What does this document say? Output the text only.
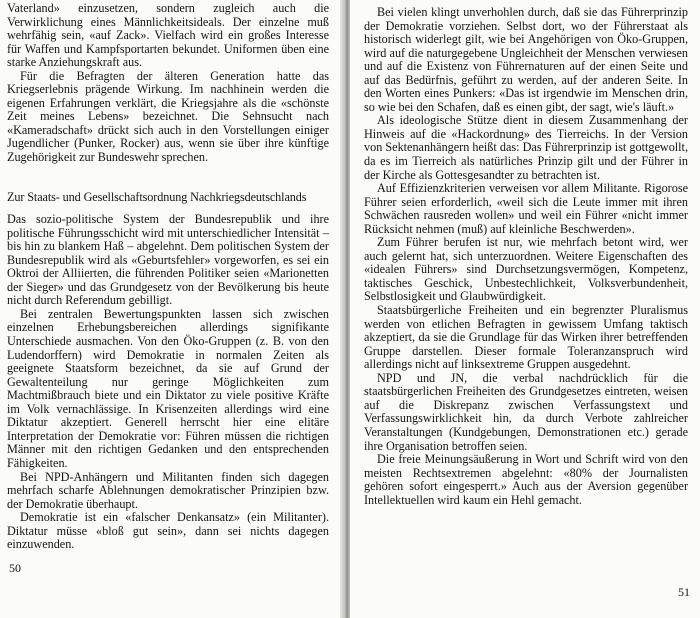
Vaterland» einzusetzen, sondern zugleich auch die Verwirklichung eines Männlichkeitsideals. Der einzelne muß wehrfähig sein, «auf Zack». Vielfach wird ein großes Interesse für Waffen und Kampfsportarten bekundet. Uniformen üben eine starke Anziehungskraft aus.

Für die Befragten der älteren Generation hatte das Kriegserlebnis prägende Wirkung. Im nachhinein werden die eigenen Erfahrungen verklärt, die Kriegsjahre als die «schönste Zeit meines Lebens» bezeichnet. Die Sehnsucht nach «Kameradschaft» drückt sich auch in den Vorstellungen einiger Jugendlicher (Punker, Rocker) aus, wenn sie über ihre künftige Zugehörigkeit zur Bundeswehr sprechen.

Zur Staats- und Gesellschaftsordnung Nachkriegsdeutschlands

Das sozio-politische System der Bundesrepublik und ihre politische Führungsschicht wird mit unterschiedlicher Intensität – bis hin zu blankem Haß – abgelehnt. Dem politischen System der Bundesrepublik wird als «Geburtsfehler» vorgeworfen, es sei ein Oktroi der Alliierten, die führenden Politiker seien «Marionetten der Sieger» und das Grundgesetz von der Bevölkerung bis heute nicht durch Referendum gebilligt.

Bei zentralen Bewertungspunkten lassen sich zwischen einzelnen Erhebungsbereichen allerdings signifikante Unterschiede ausmachen. Von den Öko-Gruppen (z. B. von den Ludendorffern) wird Demokratie in normalen Zeiten als geeignete Staatsform bezeichnet, da sie auf Grund der Gewaltenteilung nur geringe Möglichkeiten zum Machtmißbrauch biete und ein Diktator zu viele positive Kräfte im Volk vernachlässige. In Krisenzeiten allerdings wird eine Diktatur akzeptiert. Generell herrscht hier eine elitäre Interpretation der Demokratie vor: Führen müssen die richtigen Männer mit den richtigen Gedanken und den entsprechenden Fähigkeiten.

Bei NPD-Anhängern und Militanten finden sich dagegen mehrfach scharfe Ablehnungen demokratischer Prinzipien bzw. der Demokratie überhaupt.

Demokratie ist ein «falscher Denkansatz» (ein Militanter). Diktatur müsse «bloß gut sein», dann sei nichts dagegen einzuwenden.

50

Bei vielen klingt unverhohlen durch, daß sie das Führerprinzip der Demokratie vorziehen. Selbst dort, wo der Führerstaat als historisch widerlegt gilt, wie bei Angehörigen von Öko-Gruppen, wird auf die naturgegebene Ungleichheit der Menschen verwiesen und auf die Existenz von Führernaturen auf der einen Seite und auf das Bedürfnis, geführt zu werden, auf der anderen Seite. In den Worten eines Punkers: «Das ist irgendwie im Menschen drin, so wie bei den Schafen, daß es einen gibt, der sagt, wie's läuft.»

Als ideologische Stütze dient in diesem Zusammenhang der Hinweis auf die «Hackordnung» des Tierreichs. In der Version von Sektenanhängern heißt das: Das Führerprinzip ist gottgewollt, da es im Tierreich als natürliches Prinzip gilt und der Führer in der Kirche als Gottesgesandter zu betrachten ist.

Auf Effizienzkriterien verweisen vor allem Militante. Rigorose Führer seien erforderlich, «weil sich die Leute immer mit ihren Schwächen rausreden wollen» und weil ein Führer «nicht immer Rücksicht nehmen (muß) auf kleinliche Beschwerden».

Zum Führer berufen ist nur, wie mehrfach betont wird, wer auch gelernt hat, sich unterzuordnen. Weitere Eigenschaften des «idealen Führers» sind Durchsetzungsvermögen, Kompetenz, taktisches Geschick, Unbestechlichkeit, Volksverbundenheit, Selbstlosigkeit und Glaubwürdigkeit.

Staatsbürgerliche Freiheiten und ein begrenzter Pluralismus werden von etlichen Befragten in gewissem Umfang taktisch akzeptiert, da sie die Grundlage für das Wirken ihrer betreffenden Gruppe darstellen. Dieser formale Toleranzanspruch wird allerdings nicht auf linksextreme Gruppen ausgedehnt.

NPD und JN, die verbal nachdrücklich für die staatsbürgerlichen Freiheiten des Grundgesetzes eintreten, weisen auf die Diskrepanz zwischen Verfassungstext und Verfassungswirklichkeit hin, da durch Verbote zahlreicher Veranstaltungen (Kundgebungen, Demonstrationen etc.) gerade ihre Organisation betroffen seien.

Die freie Meinungsäußerung in Wort und Schrift wird von den meisten Rechtsextremen abgelehnt: «80% der Journalisten gehören sofort eingesperrt.» Auch aus der Aversion gegenüber Intellektuellen wird kaum ein Hehl gemacht.

51
